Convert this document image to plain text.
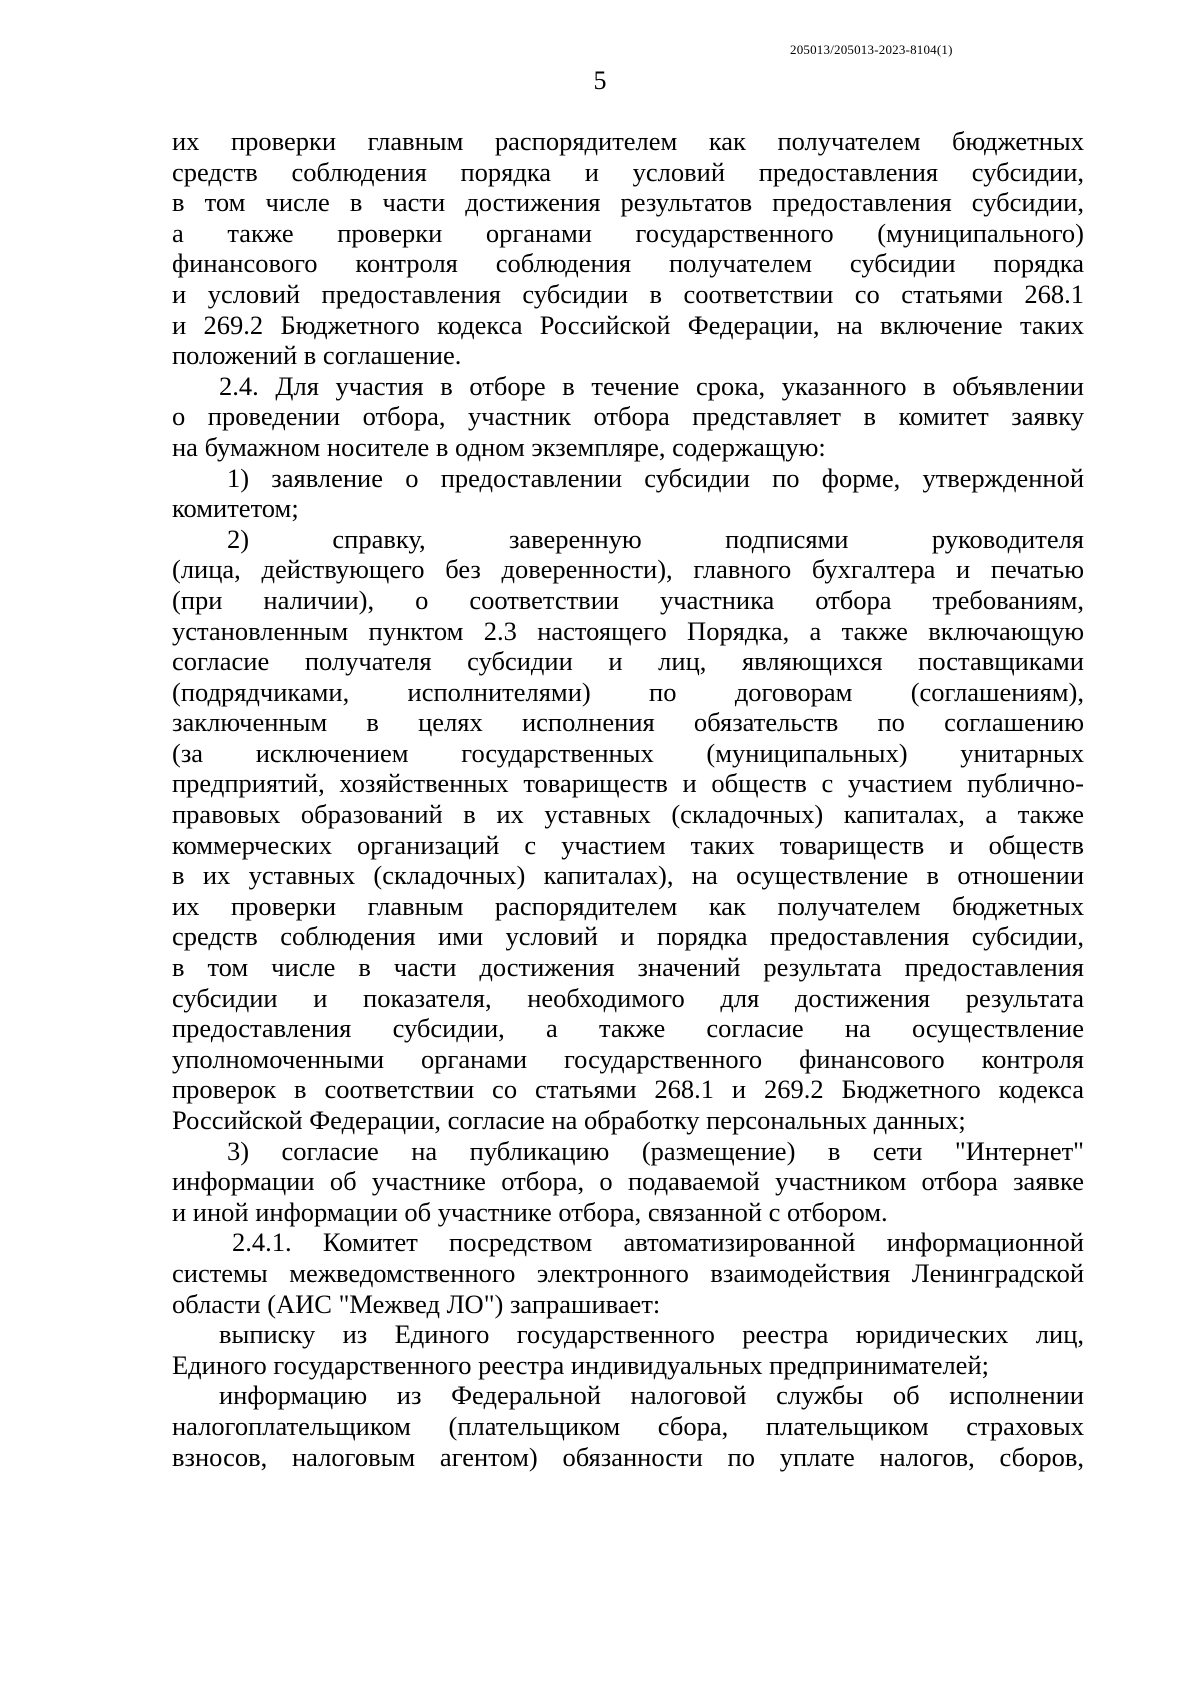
205013/205013-2023-8104(1)
5
их проверки главным распорядителем как получателем бюджетных
средств соблюдения порядка и условий предоставления субсидии,
в том числе в части достижения результатов предоставления субсидии,
а также проверки органами государственного (муниципального)
финансового контроля соблюдения получателем субсидии порядка
и условий предоставления субсидии в соответствии со статьями 268.1
и 269.2 Бюджетного кодекса Российской Федерации, на включение таких
положений в соглашение.
2.4. Для участия в отборе в течение срока, указанного в объявлении
о проведении отбора, участник отбора представляет в комитет заявку
на бумажном носителе в одном экземпляре, содержащую:
1) заявление о предоставлении субсидии по форме, утвержденной
комитетом;
2) справку, заверенную подписями руководителя
(лица, действующего без доверенности), главного бухгалтера и печатью
(при наличии), о соответствии участника отбора требованиям,
установленным пунктом 2.3 настоящего Порядка, а также включающую
согласие получателя субсидии и лиц, являющихся поставщиками
(подрядчиками, исполнителями) по договорам (соглашениям),
заключенным в целях исполнения обязательств по соглашению
(за исключением государственных (муниципальных) унитарных
предприятий, хозяйственных товариществ и обществ с участием публично-
правовых образований в их уставных (складочных) капиталах, а также
коммерческих организаций с участием таких товариществ и обществ
в их уставных (складочных) капиталах), на осуществление в отношении
их проверки главным распорядителем как получателем бюджетных
средств соблюдения ими условий и порядка предоставления субсидии,
в том числе в части достижения значений результата предоставления
субсидии и показателя, необходимого для достижения результата
предоставления субсидии, а также согласие на осуществление
уполномоченными органами государственного финансового контроля
проверок в соответствии со статьями 268.1 и 269.2 Бюджетного кодекса
Российской Федерации, согласие на обработку персональных данных;
3) согласие на публикацию (размещение) в сети "Интернет"
информации об участнике отбора, о подаваемой участником отбора заявке
и иной информации об участнике отбора, связанной с отбором.
2.4.1. Комитет посредством автоматизированной информационной
системы межведомственного электронного взаимодействия Ленинградской
области (АИС "Межвед ЛО") запрашивает:
выписку из Единого государственного реестра юридических лиц,
Единого государственного реестра индивидуальных предпринимателей;
информацию из Федеральной налоговой службы об исполнении
налогоплательщиком (плательщиком сбора, плательщиком страховых
взносов, налоговым агентом) обязанности по уплате налогов, сборов,
